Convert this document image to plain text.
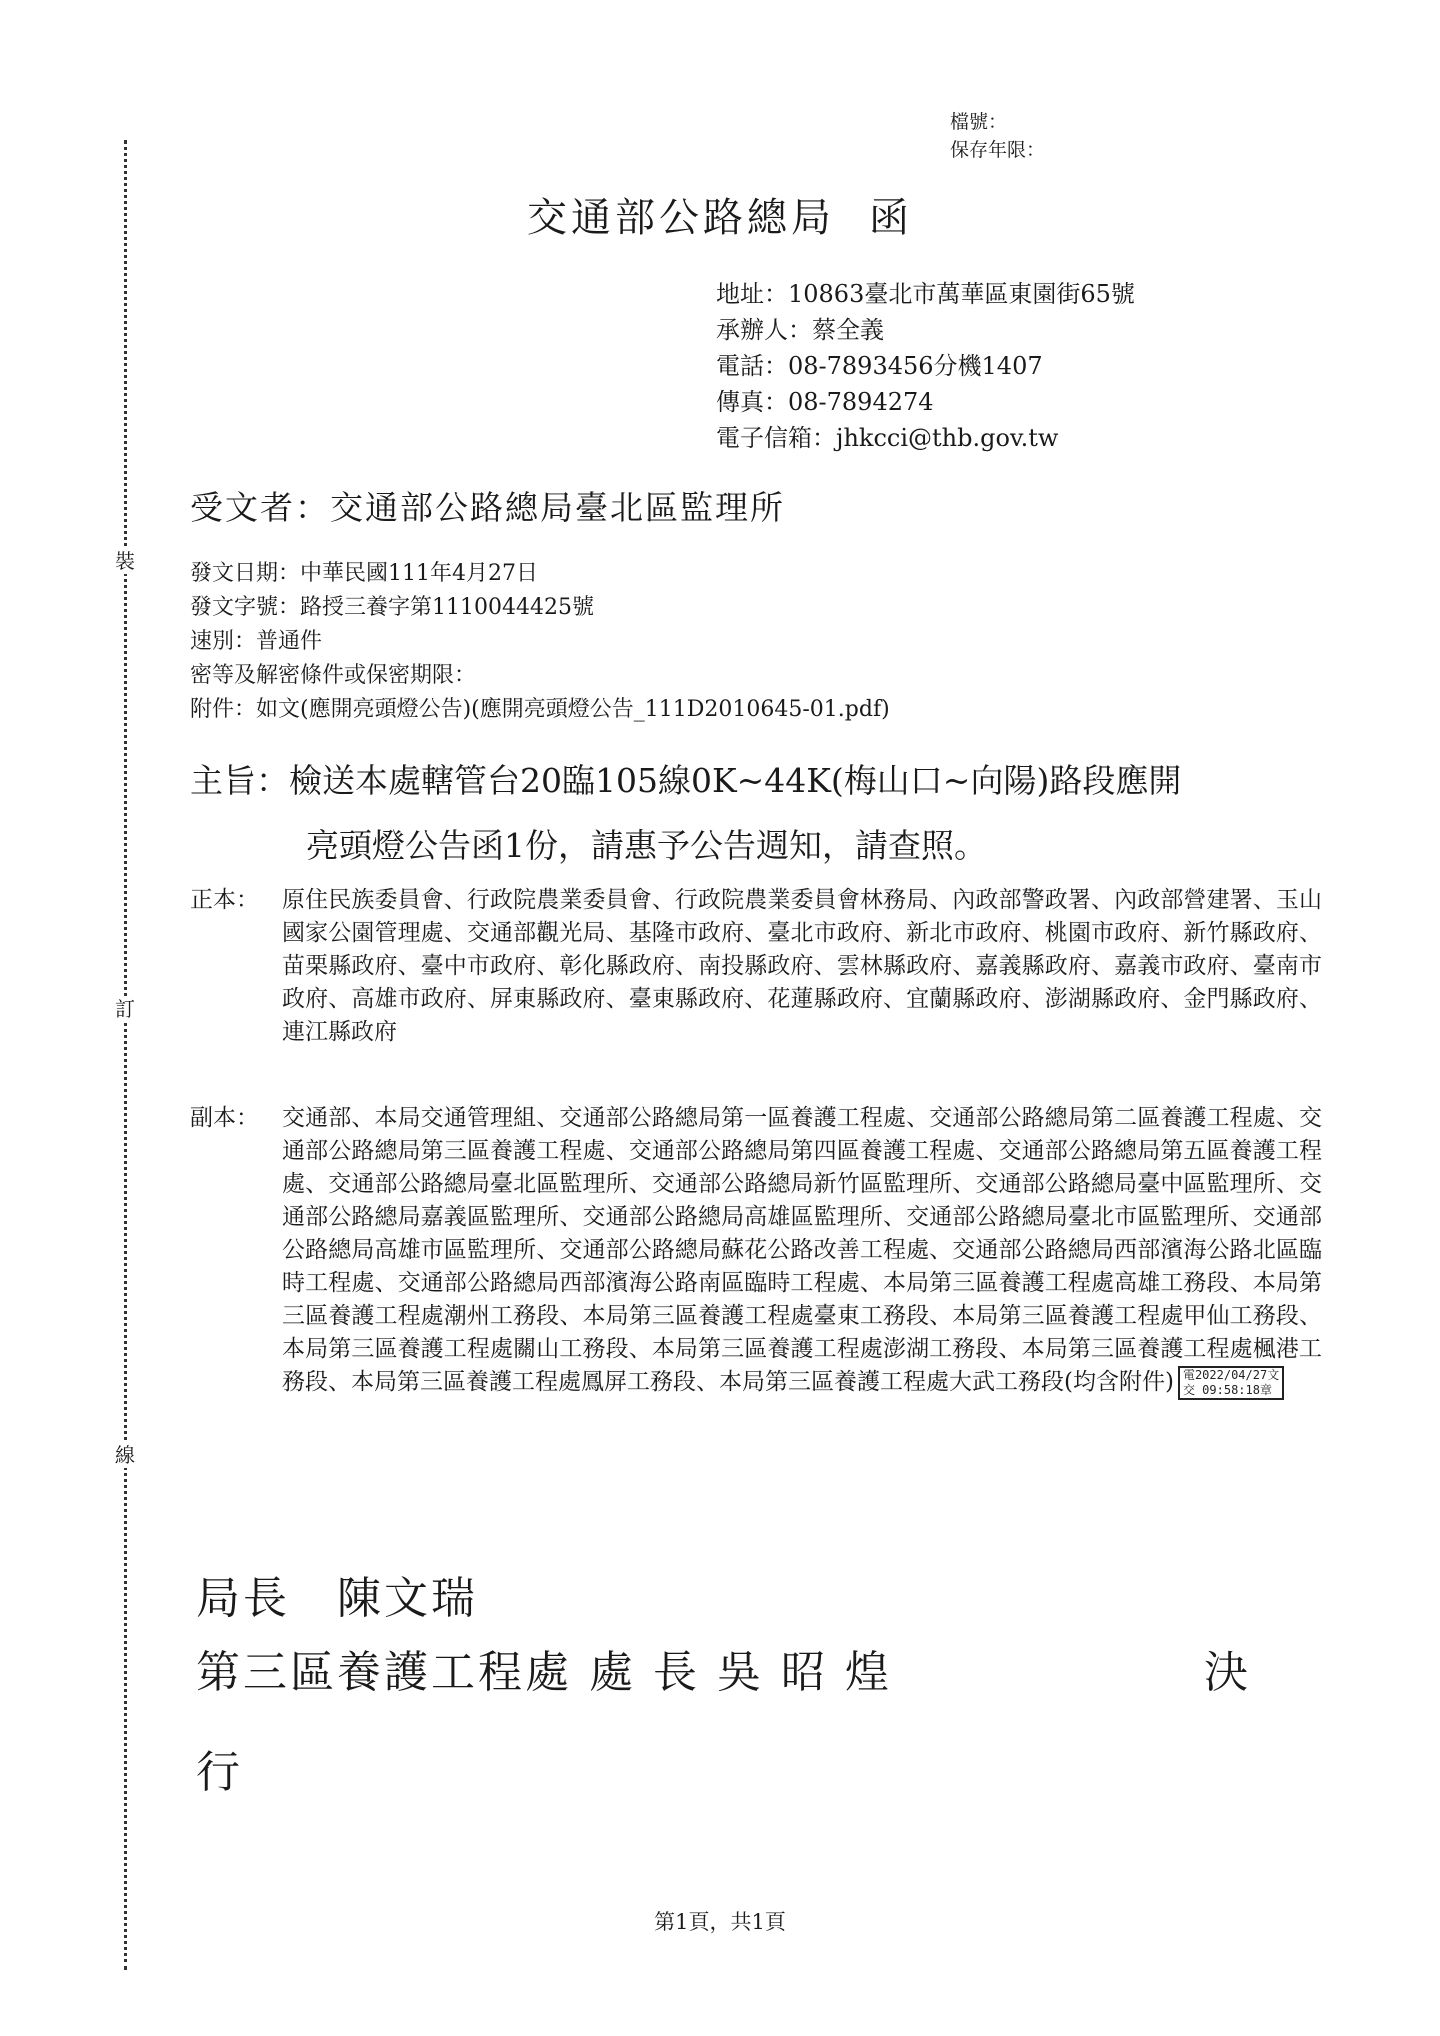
裝
訂
線
檔號：
保存年限：
交通部公路總局 函
地址：10863臺北市萬華區東園街65號
承辦人：蔡全義
電話：08-7893456分機1407
傳真：08-7894274
電子信箱：jhkcci@thb.gov.tw
受文者：交通部公路總局臺北區監理所
發文日期：中華民國111年4月27日
發文字號：路授三養字第1110044425號
速別：普通件
密等及解密條件或保密期限：
附件：如文(應開亮頭燈公告)(應開亮頭燈公告_111D2010645-01.pdf)
主旨：檢送本處轄管台20臨105線0K~44K(梅山口~向陽)路段應開
亮頭燈公告函1份，請惠予公告週知，請查照。
正本：	原住民族委員會、行政院農業委員會、行政院農業委員會林務局、內政部警政署、內政部營建署、玉山國家公園管理處、交通部觀光局、基隆市政府、臺北市政府、新北市政府、桃園市政府、新竹縣政府、苗栗縣政府、臺中市政府、彰化縣政府、南投縣政府、雲林縣政府、嘉義縣政府、嘉義市政府、臺南市政府、高雄市政府、屏東縣政府、臺東縣政府、花蓮縣政府、宜蘭縣政府、澎湖縣政府、金門縣政府、連江縣政府
副本：	交通部、本局交通管理組、交通部公路總局第一區養護工程處、交通部公路總局第二區養護工程處、交通部公路總局第三區養護工程處、交通部公路總局第四區養護工程處、交通部公路總局第五區養護工程處、交通部公路總局臺北區監理所、交通部公路總局新竹區監理所、交通部公路總局臺中區監理所、交通部公路總局嘉義區監理所、交通部公路總局高雄區監理所、交通部公路總局臺北市區監理所、交通部公路總局高雄市區監理所、交通部公路總局蘇花公路改善工程處、交通部公路總局西部濱海公路北區臨時工程處、交通部公路總局西部濱海公路南區臨時工程處、本局第三區養護工程處高雄工務段、本局第三區養護工程處潮州工務段、本局第三區養護工程處臺東工務段、本局第三區養護工程處甲仙工務段、本局第三區養護工程處關山工務段、本局第三區養護工程處澎湖工務段、本局第三區養護工程處楓港工務段、本局第三區養護工程處鳳屏工務段、本局第三區養護工程處大武工務段(均含附件) 電2022/04/27文
交 09:58:18章
局長　陳文瑞
第三區養護工程處 處 長 吳 昭 煌	決
行
第1頁，共1頁
